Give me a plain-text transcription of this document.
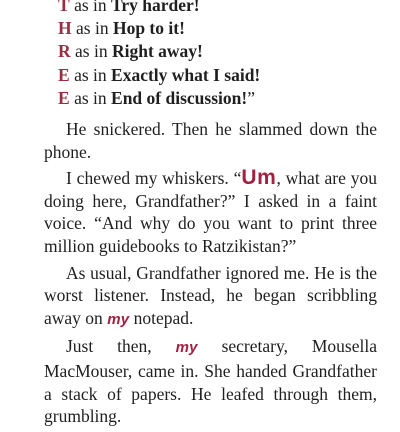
T as in Try harder!
H as in Hop to it!
R as in Right away!
E as in Exactly what I said!
E as in End of discussion!”

He snickered. Then he slammed down the phone.

I chewed my whiskers. “Um, what are you doing here, Grandfather?” I asked in a faint voice. “And why do you want to print three million guidebooks to Ratzikistan?”

As usual, Grandfather ignored me. He is the worst listener. Instead, he began scribbling away on my notepad.

Just then, my secretary, Mousella MacMouser, came in. She handed Grandfather a stack of papers. He leafed through them, grumbling.
